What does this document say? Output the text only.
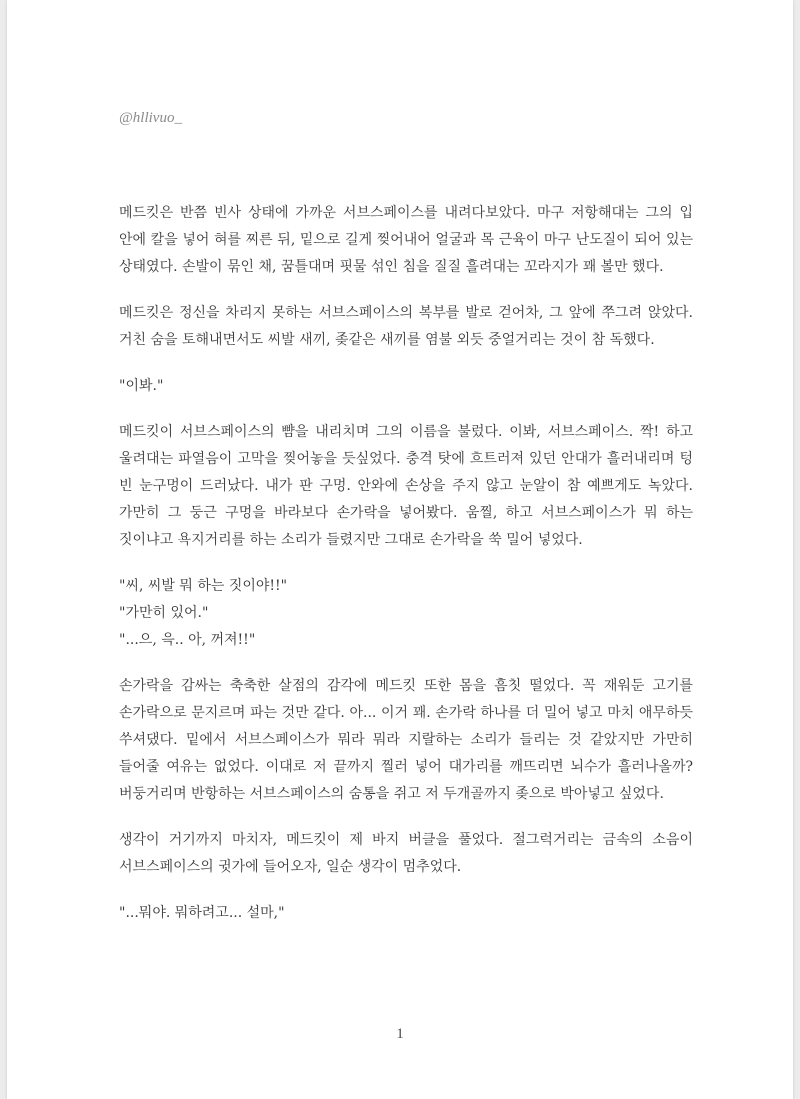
@hllivuo_

메드킷은 반쯤 빈사 상태에 가까운 서브스페이스를 내려다보았다. 마구 저항해대는 그의 입 안에 칼을 넣어 혀를 찌른 뒤, 밑으로 길게 찢어내어 얼굴과 목 근육이 마구 난도질이 되어 있는 상태였다. 손발이 묶인 채, 꿈틀대며 핏물 섞인 침을 질질 흘려대는 꼬라지가 꽤 볼만 했다.

메드킷은 정신을 차리지 못하는 서브스페이스의 복부를 발로 걷어차, 그 앞에 쭈그려 앉았다. 거친 숨을 토해내면서도 씨발 새끼, 좆같은 새끼를 염불 외듯 중얼거리는 것이 참 독했다.

"이봐."

메드킷이 서브스페이스의 뺨을 내리치며 그의 이름을 불렀다. 이봐, 서브스페이스. 짝! 하고 울려대는 파열음이 고막을 찢어놓을 듯싶었다. 충격 탓에 흐트러져 있던 안대가 흘러내리며 텅 빈 눈구멍이 드러났다. 내가 판 구멍. 안와에 손상을 주지 않고 눈알이 참 예쁘게도 녹았다. 가만히 그 둥근 구멍을 바라보다 손가락을 넣어봤다. 움찔, 하고 서브스페이스가 뭐 하는 짓이냐고 욕지거리를 하는 소리가 들렸지만 그대로 손가락을 쑥 밀어 넣었다.

"씨, 씨발 뭐 하는 짓이야!!"

"가만히 있어."

"...으, 윽.. 아, 꺼져!!"

손가락을 감싸는 축축한 살점의 감각에 메드킷 또한 몸을 흠칫 떨었다. 꼭 재워둔 고기를 손가락으로 문지르며 파는 것만 같다. 아... 이거 꽤. 손가락 하나를 더 밀어 넣고 마치 애무하듯 쑤셔댔다. 밑에서 서브스페이스가 뭐라 뭐라 지랄하는 소리가 들리는 것 같았지만 가만히 들어줄 여유는 없었다. 이대로 저 끝까지 찔러 넣어 대가리를 깨뜨리면 뇌수가 흘러나올까? 버둥거리며 반항하는 서브스페이스의 숨통을 쥐고 저 두개골까지 좆으로 박아넣고 싶었다.

생각이 거기까지 마치자, 메드킷이 제 바지 버클을 풀었다. 절그럭거리는 금속의 소음이 서브스페이스의 귓가에 들어오자, 일순 생각이 멈추었다.

"...뭐야. 뭐하려고... 설마,"

1
